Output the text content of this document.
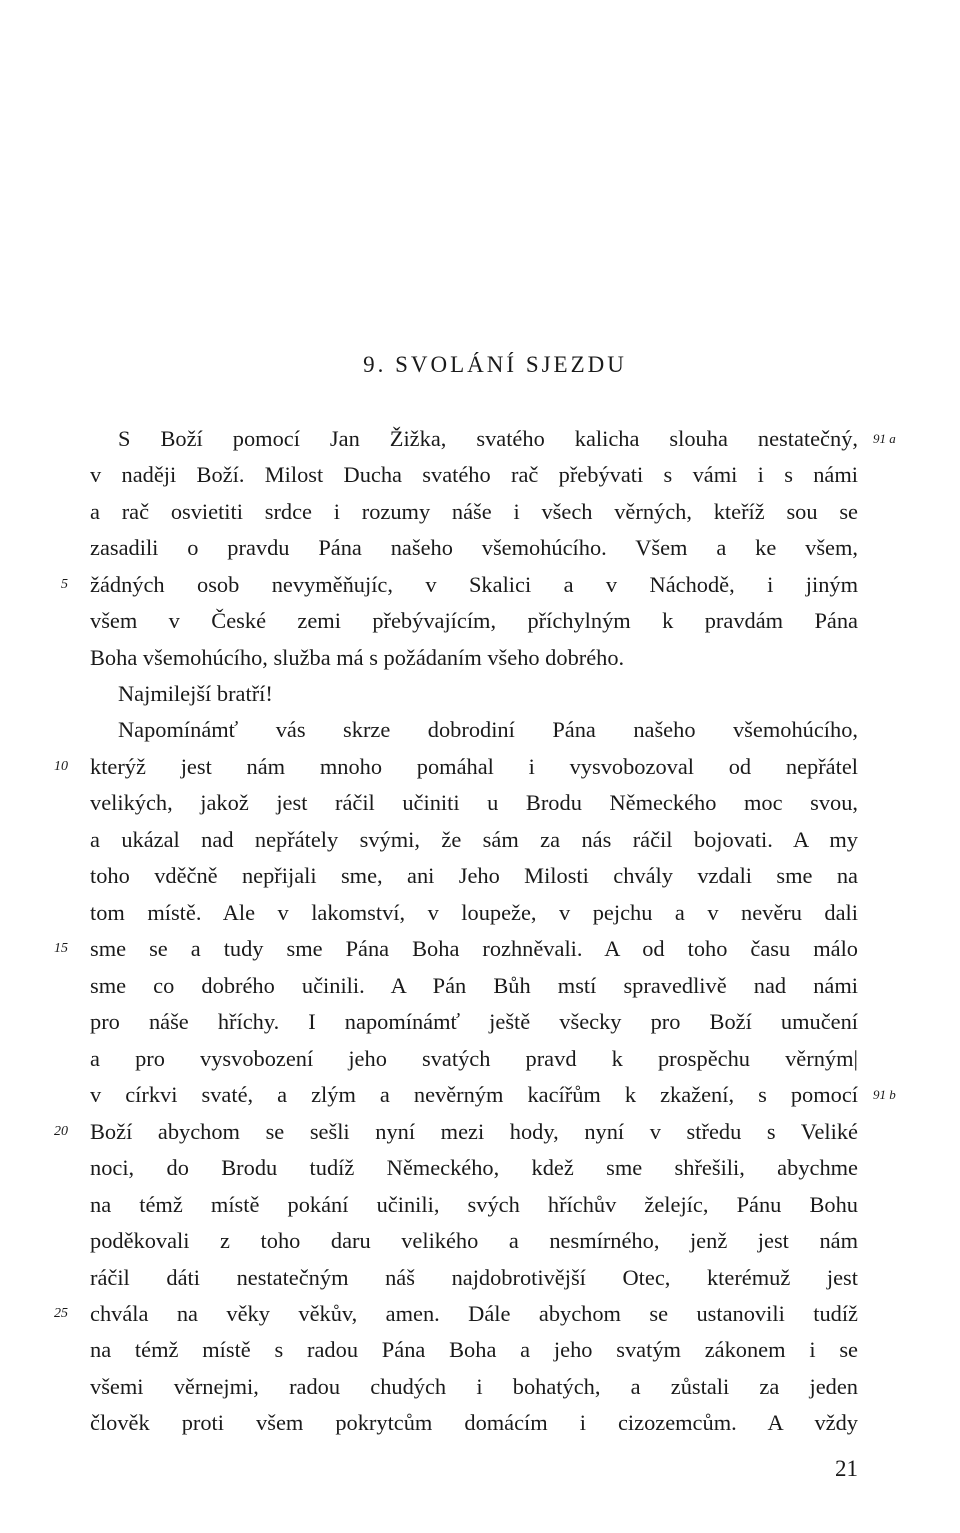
9. SVOLÁNÍ SJEZDU
S Boží pomocí Jan Žižka, svatého kalicha slouha nestatečný,
v naději Boží. Milost Ducha svatého rač přebývati s vámi i s námi
a rač osvietiti srdce i rozumy náše i všech věrných, kteříž sou se
zasadili o pravdu Pána našeho všemohúcího. Všem a ke všem,
žádných osob nevyměňujíc, v Skalici a v Náchodě, i jiným
všem v České zemi přebývajícím, příchylným k pravdám Pána
Boha všemohúcího, služba má s požádaním všeho dobrého.
Najmilejší bratří!
Napomínámť vás skrze dobrodiní Pána našeho všemohúcího,
kterýž jest nám mnoho pomáhal i vysvobozoval od nepřátel
velikých, jakož jest ráčil učiniti u Brodu Německého moc svou,
a ukázal nad nepřátely svými, že sám za nás ráčil bojovati. A my
toho vděčně nepřijali sme, ani Jeho Milosti chvály vzdali sme na
tom místě. Ale v lakomství, v loupeže, v pejchu a v nevěru dali
sme se a tudy sme Pána Boha rozhněvali. A od toho času málo
sme co dobrého učinili. A Pán Bůh mstí spravedlivě nad námi
pro náše hříchy. I napomínámť ještě všecky pro Boží umučení
a pro vysvobození jeho svatých pravd k prospěchu věrným|
v církvi svaté, a zlým a nevěrným kacířům k zkažení, s pomocí
Boží abychom se sešli nyní mezi hody, nyní v středu s Veliké
noci, do Brodu tudíž Německého, kdež sme shřešili, abychme
na témž místě pokání učinili, svých hříchův želejíc, Pánu Bohu
poděkovali z toho daru velikého a nesmírného, jenž jest nám
ráčil dáti nestatečným náš najdobrotivější Otec, kterémuž jest
chvála na věky věkův, amen. Dále abychom se ustanovili tudíž
na témž místě s radou Pána Boha a jeho svatým zákonem i se
všemi věrnejmi, radou chudých i bohatých, a zůstali za jeden
člověk proti všem pokrytcům domácím i cizozemcům. A vždy
5
10
15
20
25
91 a
91 b
21
